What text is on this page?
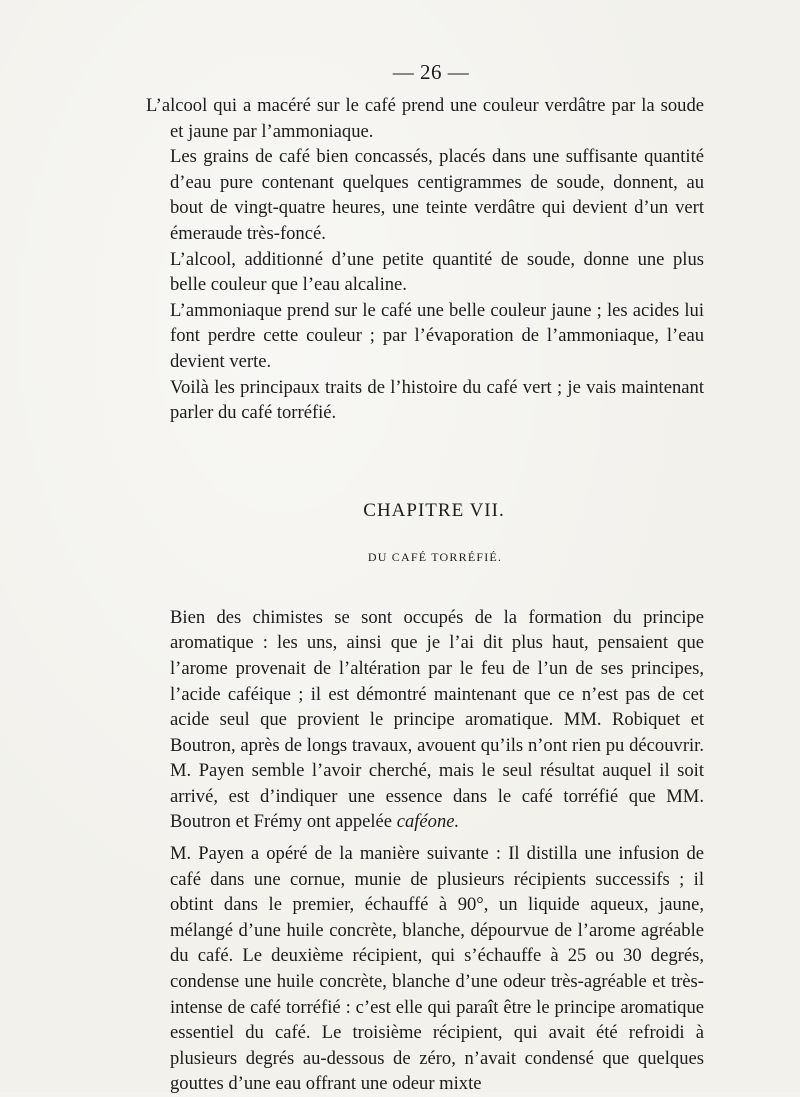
— 26 —

L’alcool qui a macéré sur le café prend une couleur verdâtre par la soude et jaune par l’ammoniaque.

Les grains de café bien concassés, placés dans une suffisante quantité d’eau pure contenant quelques centigrammes de soude, donnent, au bout de vingt-quatre heures, une teinte verdâtre qui devient d’un vert émeraude très-foncé.

L’alcool, additionné d’une petite quantité de soude, donne une plus belle couleur que l’eau alcaline.

L’ammoniaque prend sur le café une belle couleur jaune ; les acides lui font perdre cette couleur ; par l’évaporation de l’ammoniaque, l’eau devient verte.

Voilà les principaux traits de l’histoire du café vert ; je vais maintenant parler du café torréfié.

CHAPITRE VII.
DU CAFÉ TORRÉFIÉ.

Bien des chimistes se sont occupés de la formation du principe aromatique : les uns, ainsi que je l’ai dit plus haut, pensaient que l’arome provenait de l’altération par le feu de l’un de ses principes, l’acide caféique ; il est démontré maintenant que ce n’est pas de cet acide seul que provient le principe aromatique. MM. Robiquet et Boutron, après de longs travaux, avouent qu’ils n’ont rien pu découvrir. M. Payen semble l’avoir cherché, mais le seul résultat auquel il soit arrivé, est d’indiquer une essence dans le café torréfié que MM. Boutron et Frémy ont appelée caféone.

M. Payen a opéré de la manière suivante : Il distilla une infusion de café dans une cornue, munie de plusieurs récipients successifs ; il obtint dans le premier, échauffé à 90°, un liquide aqueux, jaune, mélangé d’une huile concrète, blanche, dépourvue de l’arome agréable du café. Le deuxième récipient, qui s’échauffe à 25 ou 30 degrés, condense une huile concrète, blanche d’une odeur très-agréable et très-intense de café torréfié : c’est elle qui paraît être le principe aromatique essentiel du café. Le troisième récipient, qui avait été refroidi à plusieurs degrés au-dessous de zéro, n’avait condensé que quelques gouttes d’une eau offrant une odeur mixte
